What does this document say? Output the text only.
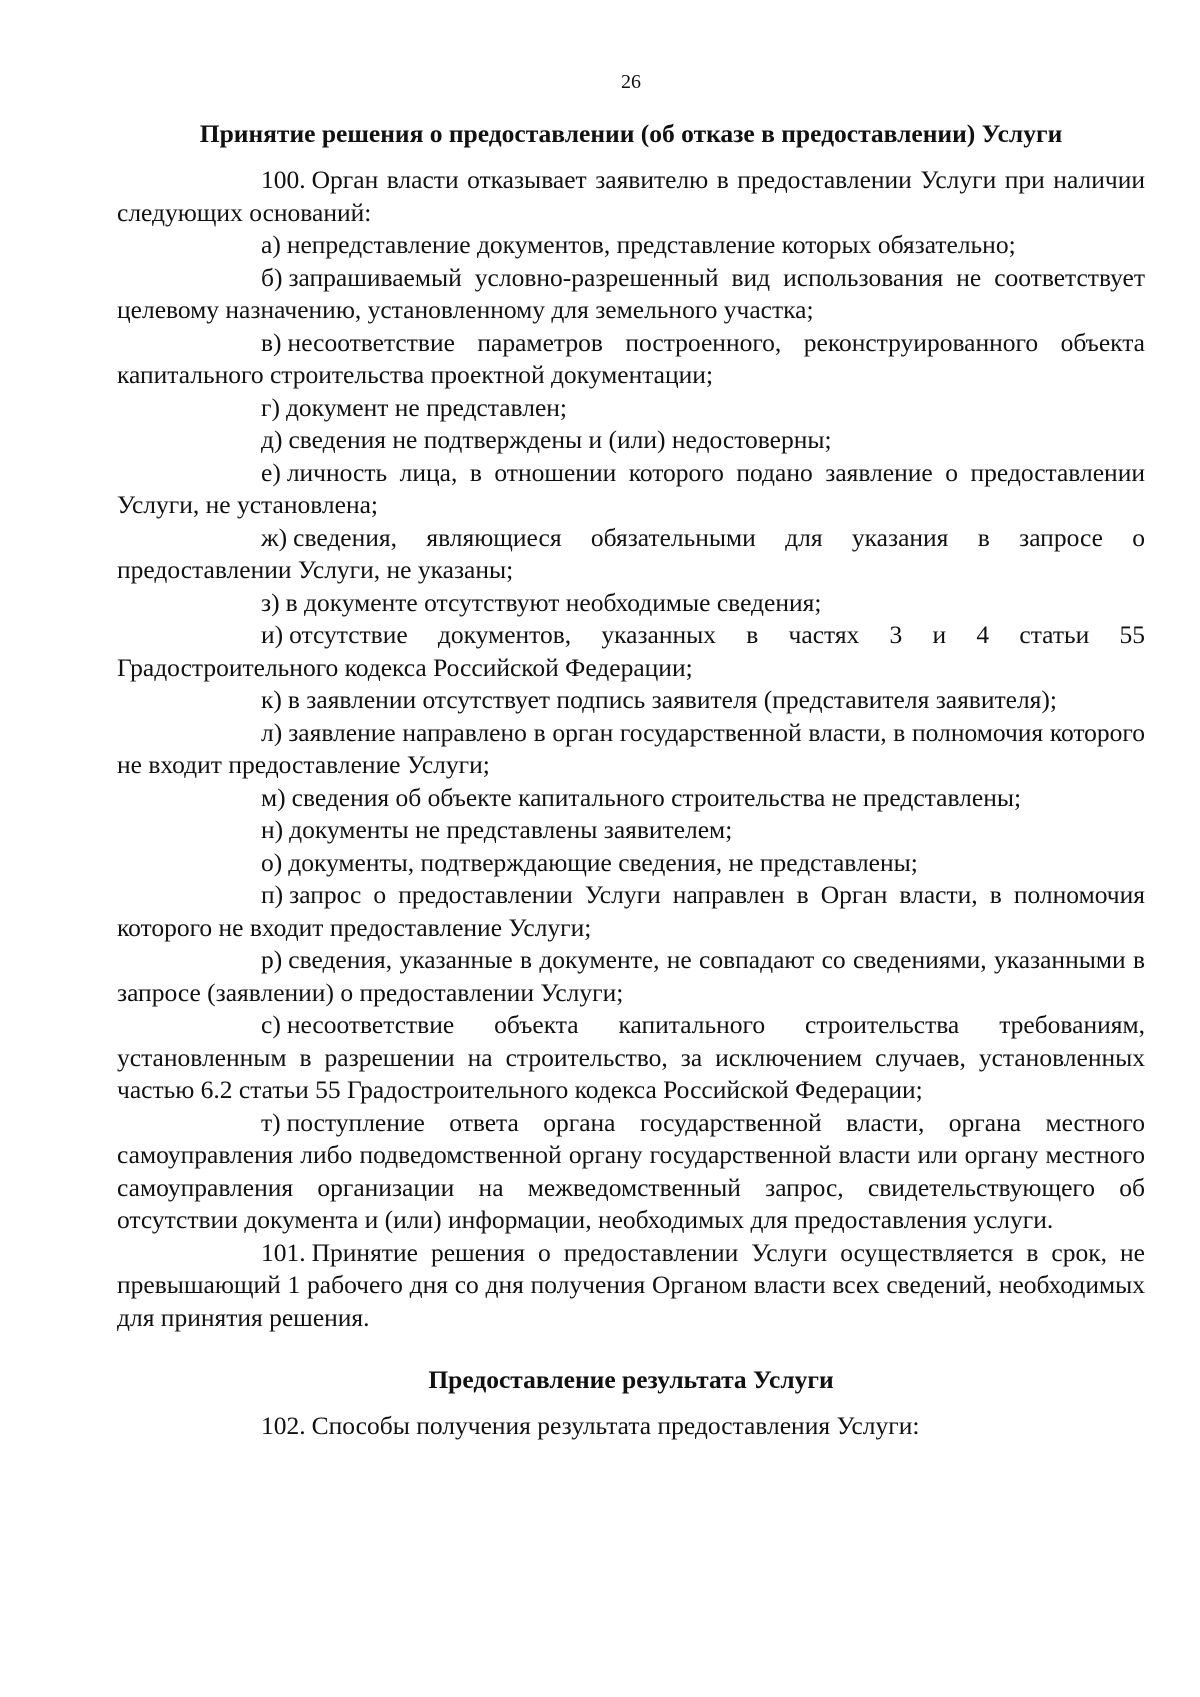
26
Принятие решения о предоставлении (об отказе в предоставлении) Услуги

100. Орган власти отказывает заявителю в предоставлении Услуги при наличии следующих оснований:

а) непредставление документов, представление которых обязательно;

б) запрашиваемый условно-разрешенный вид использования не соответствует целевому назначению, установленному для земельного участка;

в) несоответствие параметров построенного, реконструированного объекта капитального строительства проектной документации;

г) документ не представлен;

д) сведения не подтверждены и (или) недостоверны;

е) личность лица, в отношении которого подано заявление о предоставлении Услуги, не установлена;

ж) сведения, являющиеся обязательными для указания в запросе о предоставлении Услуги, не указаны;

з) в документе отсутствуют необходимые сведения;

и) отсутствие документов, указанных в частях 3 и 4 статьи 55 Градостроительного кодекса Российской Федерации;

к) в заявлении отсутствует подпись заявителя (представителя заявителя);

л) заявление направлено в орган государственной власти, в полномочия которого не входит предоставление Услуги;

м) сведения об объекте капитального строительства не представлены;

н) документы не представлены заявителем;

о) документы, подтверждающие сведения, не представлены;

п) запрос о предоставлении Услуги направлен в Орган власти, в полномочия которого не входит предоставление Услуги;

р) сведения, указанные в документе, не совпадают со сведениями, указанными в запросе (заявлении) о предоставлении Услуги;

с) несоответствие объекта капитального строительства требованиям, установленным в разрешении на строительство, за исключением случаев, установленных частью 6.2 статьи 55 Градостроительного кодекса Российской Федерации;

т) поступление ответа органа государственной власти, органа местного самоуправления либо подведомственной органу государственной власти или органу местного самоуправления организации на межведомственный запрос, свидетельствующего об отсутствии документа и (или) информации, необходимых для предоставления услуги.

101. Принятие решения о предоставлении Услуги осуществляется в срок, не превышающий 1 рабочего дня со дня получения Органом власти всех сведений, необходимых для принятия решения.

Предоставление результата Услуги

102. Способы получения результата предоставления Услуги:
